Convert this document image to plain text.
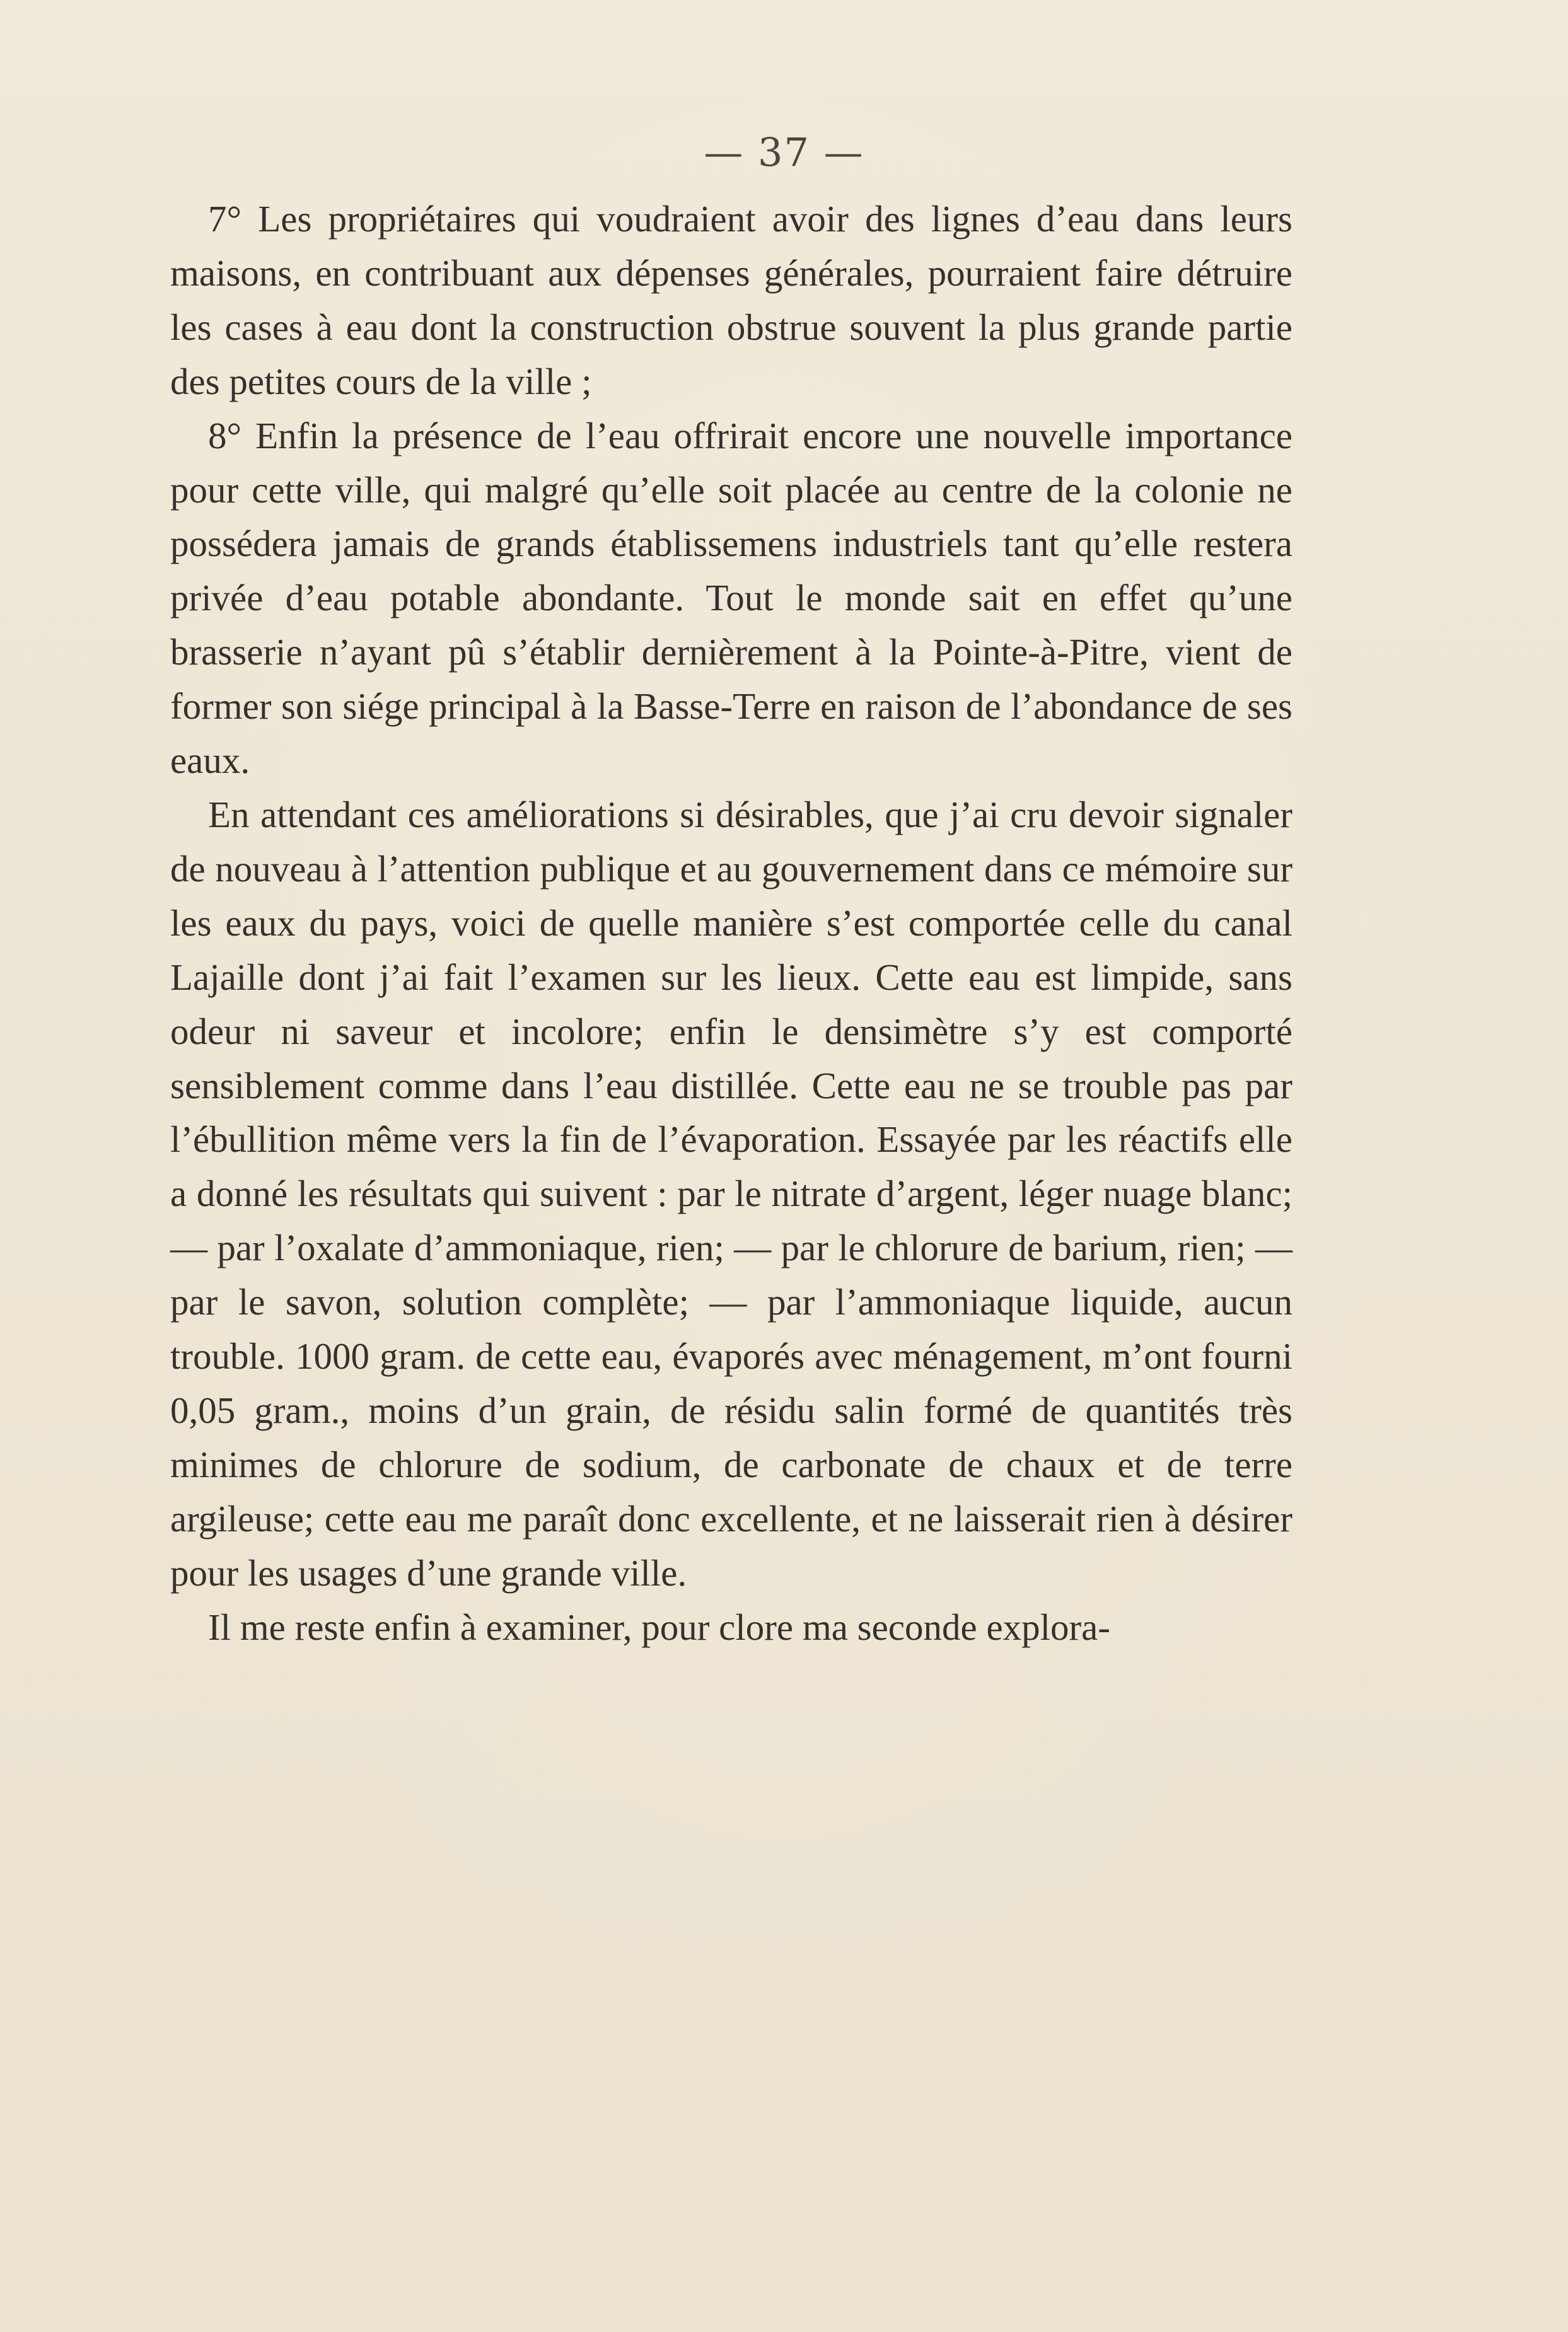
— 37 —

7° Les propriétaires qui voudraient avoir des lignes d’eau dans leurs maisons, en contribuant aux dépenses générales, pourraient faire détruire les cases à eau dont la construction obstrue souvent la plus grande partie des petites cours de la ville ;

8° Enfin la présence de l’eau offrirait encore une nouvelle importance pour cette ville, qui malgré qu’elle soit placée au centre de la colonie ne possédera jamais de grands établissemens industriels tant qu’elle restera privée d’eau potable abondante. Tout le monde sait en effet qu’une brasserie n’ayant pû s’établir dernièrement à la Pointe-à-Pitre, vient de former son siége principal à la Basse-Terre en raison de l’abondance de ses eaux.

En attendant ces améliorations si désirables, que j’ai cru devoir signaler de nouveau à l’attention publique et au gouvernement dans ce mémoire sur les eaux du pays, voici de quelle manière s’est comportée celle du canal Lajaille dont j’ai fait l’examen sur les lieux. Cette eau est limpide, sans odeur ni saveur et incolore; enfin le densimètre s’y est comporté sensiblement comme dans l’eau distillée. Cette eau ne se trouble pas par l’ébullition même vers la fin de l’évaporation. Essayée par les réactifs elle a donné les résultats qui suivent : par le nitrate d’argent, léger nuage blanc; — par l’oxalate d’ammoniaque, rien; — par le chlorure de barium, rien; — par le savon, solution complète; — par l’ammoniaque liquide, aucun trouble. 1000 gram. de cette eau, évaporés avec ménagement, m’ont fourni 0,05 gram., moins d’un grain, de résidu salin formé de quantités très minimes de chlorure de sodium, de carbonate de chaux et de terre argileuse; cette eau me paraît donc excellente, et ne laisserait rien à désirer pour les usages d’une grande ville.

Il me reste enfin à examiner, pour clore ma seconde explora-
